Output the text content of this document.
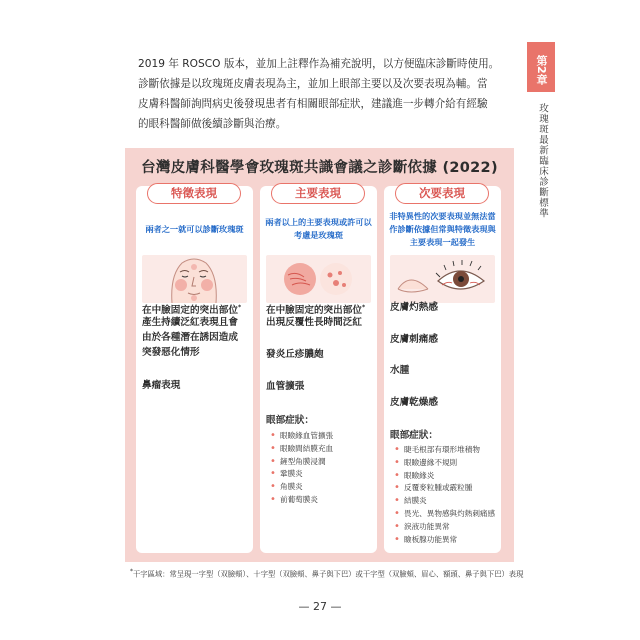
2019 年 ROSCO 版本，並加上註釋作為補充說明，以方便臨床診斷時使用。

診斷依據是以玫瑰斑皮膚表現為主，並加上眼部主要以及次要表現為輔。當

皮膚科醫師詢問病史後發現患者有相關眼部症狀，建議進一步轉介給有經驗

的眼科醫師做後續診斷與治療。

第2章
玫瑰斑最新臨床診斷標準
台灣皮膚科醫學會玫瑰斑共識會議之診斷依據 (2022)
特徵表現	主要表現	次要表現
兩者之一就可以診斷玫瑰斑
兩者以上的主要表現或許可以考慮是玫瑰斑
非特異性的次要表現並無法當作診斷依據但常與特徵表現與主要表現一起發生
在中臉固定的突出部位*
產生持續泛紅表現且會
由於各種潛在誘因造成
突發惡化情形
鼻瘤表現
在中臉固定的突出部位*
出現反覆性長時間泛紅
發炎丘疹膿皰
血管擴張
眼部症狀：
• 眼瞼緣血管擴張
• 眼瞼間結膜充血
• 鏟型角膜浸潤
• 鞏膜炎
• 角膜炎
• 前葡萄膜炎
皮膚灼熱感
皮膚刺痛感
水腫
皮膚乾燥感
眼部症狀：
• 睫毛根部有環形堆積物
• 眼瞼邊緣不規則
• 眼瞼緣炎
• 反覆麥粒腫或霰粒腫
• 結膜炎
• 畏光、異物感與灼熱刺痛感
• 淚液功能異常
• 瞼板腺功能異常
*干字區域：常呈現一字型（双臉頰）、十字型（双臉頰、鼻子與下巴）或干字型（双臉頰、眉心、額頭、鼻子與下巴）表現
— 27 —
